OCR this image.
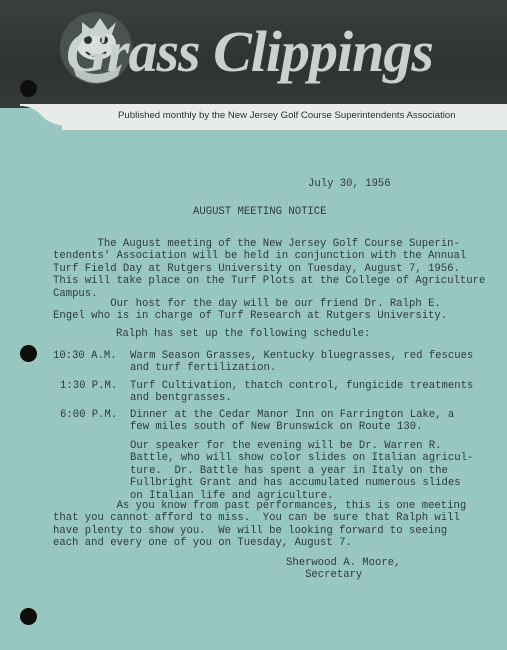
Grass Clippings
Published monthly by the New Jersey Golf Course Superintendents Association
July 30, 1956
AUGUST MEETING NOTICE
The August meeting of the New Jersey Golf Course Superin-
tendents' Association will be held in conjunction with the Annual
Turf Field Day at Rutgers University on Tuesday, August 7, 1956.
This will take place on the Turf Plots at the College of Agriculture
Campus.
Our host for the day will be our friend Dr. Ralph E.
Engel who is in charge of Turf Research at Rutgers University.
Ralph has set up the following schedule:
10:30 A.M. Warm Season Grasses, Kentucky bluegrasses, red fescues
and turf fertilization.
1:30 P.M. Turf Cultivation, thatch control, fungicide treatments
and bentgrasses.
6:00 P.M. Dinner at the Cedar Manor Inn on Farrington Lake, a
few miles south of New Brunswick on Route 130.
Our speaker for the evening will be Dr. Warren R.
Battle, who will show color slides on Italian agricul-
ture.  Dr. Battle has spent a year in Italy on the
Fullbright Grant and has accumulated numerous slides
on Italian life and agriculture.
As you know from past performances, this is one meeting
that you cannot afford to miss.  You can be sure that Ralph will
have plenty to show you.  We will be looking forward to seeing
each and every one of you on Tuesday, August 7.
Sherwood A. Moore,
Secretary
